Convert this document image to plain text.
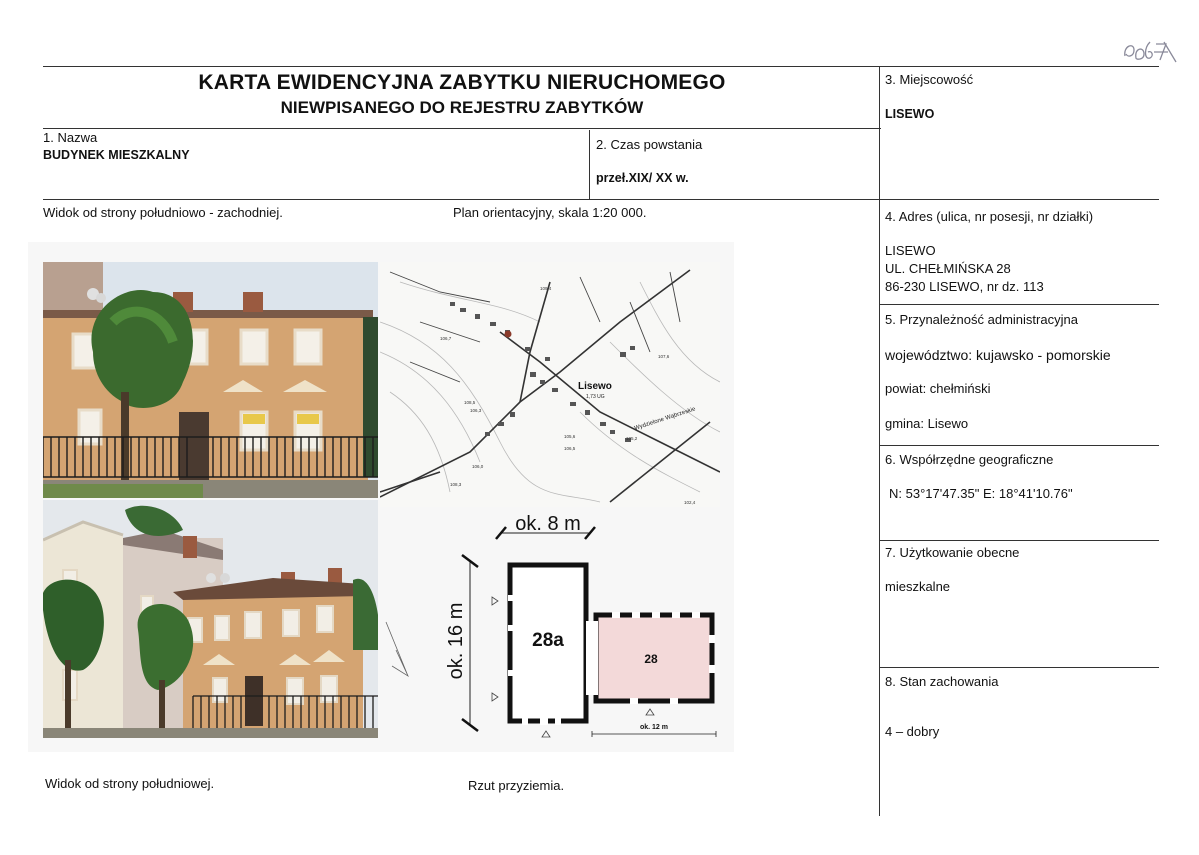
KARTA EWIDENCYJNA ZABYTKU NIERUCHOMEGO
NIEWPISANEGO DO REJESTRU ZABYTKÓW
1. Nazwa
BUDYNEK MIESZKALNY
2. Czas powstania
przeł.XIX/ XX w.
3. Miejscowość
LISEWO
4. Adres (ulica, nr posesji, nr działki)
LISEWO
UL. CHEŁMIŃSKA 28
86-230 LISEWO, nr dz. 113
5. Przynależność administracyjna
województwo: kujawsko - pomorskie
powiat: chełmiński
gmina: Lisewo
6. Współrzędne geograficzne
N: 53°17'47.35" E: 18°41'10.76"
7. Użytkowanie obecne
mieszkalne
8. Stan zachowania
4 – dobry
Widok od strony południowo - zachodniej.	Plan orientacyjny, skala 1:20 000.
Widok od strony południowej.	Rzut przyziemia.
Lisewo
1,73 UG
Wydzielone Wąbrzeskie
109,4
107,6
106,7
105,6
106,5
108,3
105,2
106,0
108,5
106,3
102,4
ok. 8 m
ok. 16 m	28a
28
ok. 12 m
